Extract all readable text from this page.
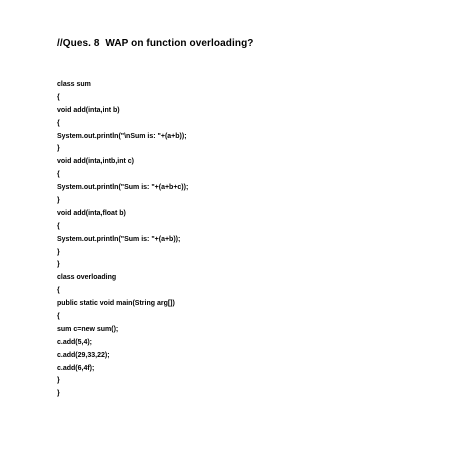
//Ques. 8  WAP on function overloading?
class sum
{
void add(inta,int b)
{
System.out.println("\nSum is: "+(a+b));
}
void add(inta,intb,int c)
{
System.out.println("Sum is: "+(a+b+c));
}
void add(inta,float b)
{
System.out.println("Sum is: "+(a+b));
}
}
class overloading
{
public static void main(String arg[])
{
sum c=new sum();
c.add(5,4);
c.add(29,33,22);
c.add(6,4f);
}
}
